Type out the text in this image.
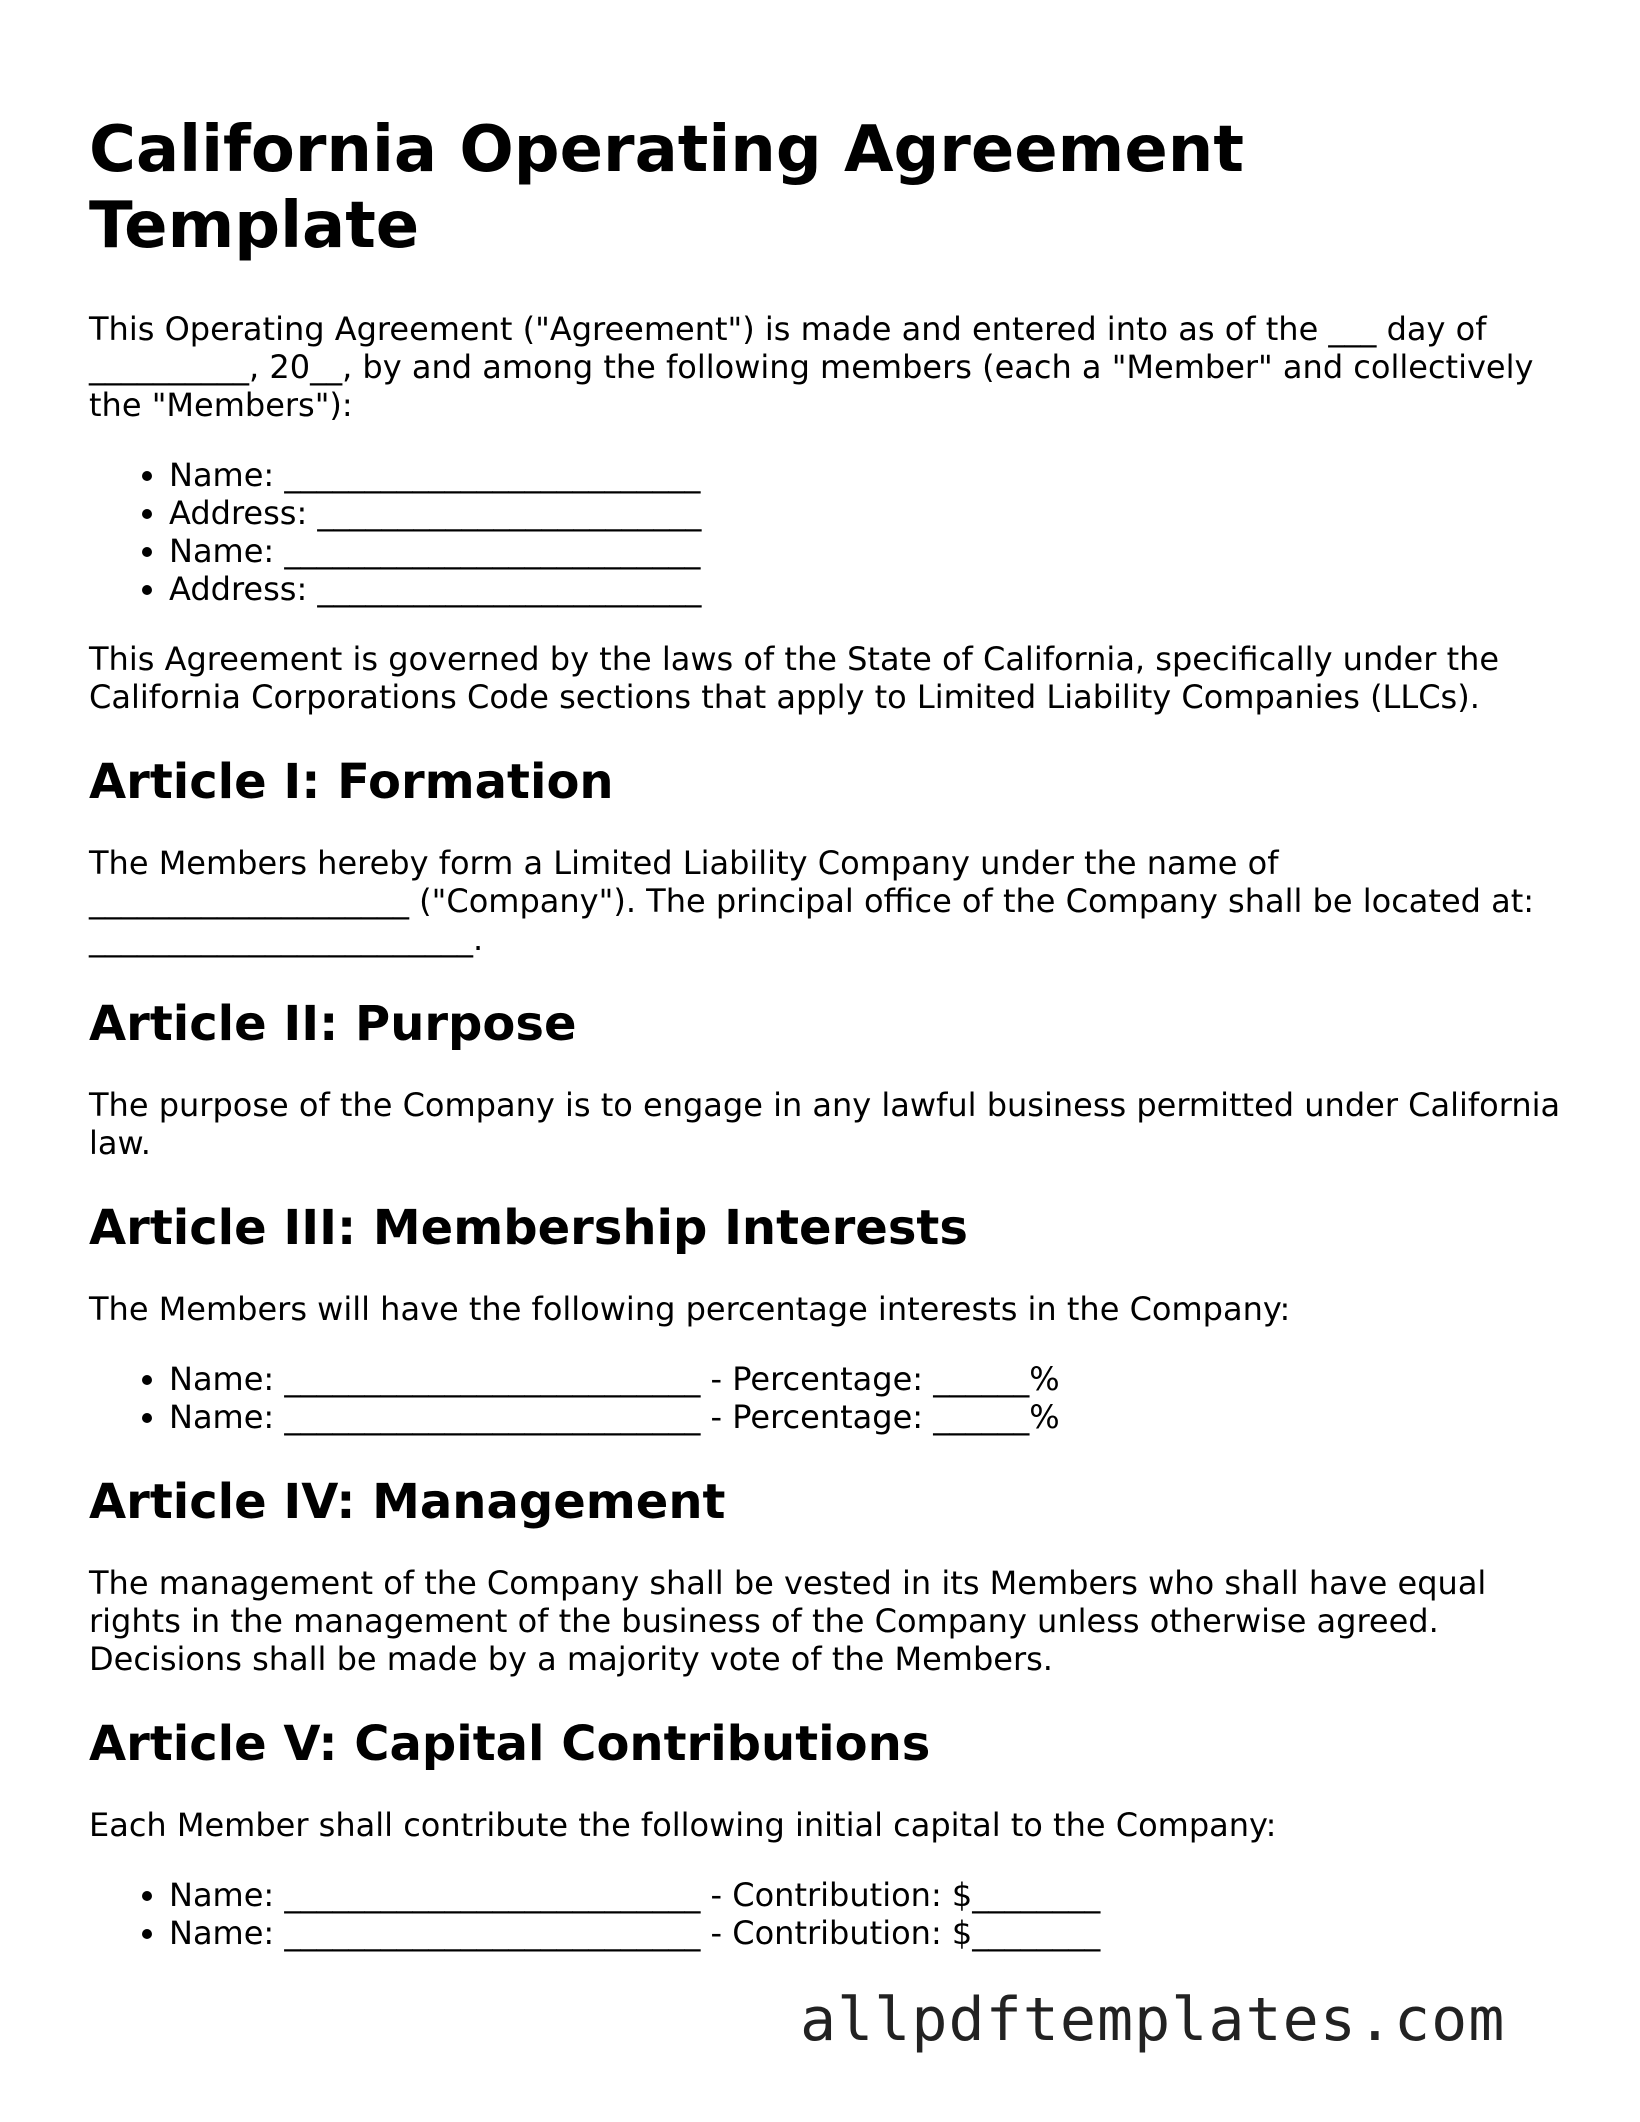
California Operating Agreement Template

This Operating Agreement ("Agreement") is made and entered into as of the ___ day of __________, 20__, by and among the following members (each a "Member" and collectively the "Members"):

• Name: __________________________
• Address: ________________________
• Name: __________________________
• Address: ________________________

This Agreement is governed by the laws of the State of California, specifically under the California Corporations Code sections that apply to Limited Liability Companies (LLCs).

Article I: Formation

The Members hereby form a Limited Liability Company under the name of ____________________ ("Company"). The principal office of the Company shall be located at: ________________________.

Article II: Purpose

The purpose of the Company is to engage in any lawful business permitted under California law.

Article III: Membership Interests

The Members will have the following percentage interests in the Company:

• Name: __________________________ - Percentage: ______%
• Name: __________________________ - Percentage: ______%
Article IV: Management

The management of the Company shall be vested in its Members who shall have equal rights in the management of the business of the Company unless otherwise agreed. Decisions shall be made by a majority vote of the Members.

Article V: Capital Contributions

Each Member shall contribute the following initial capital to the Company:

• Name: __________________________ - Contribution: $________
• Name: __________________________ - Contribution: $________
allpdftemplates.com
